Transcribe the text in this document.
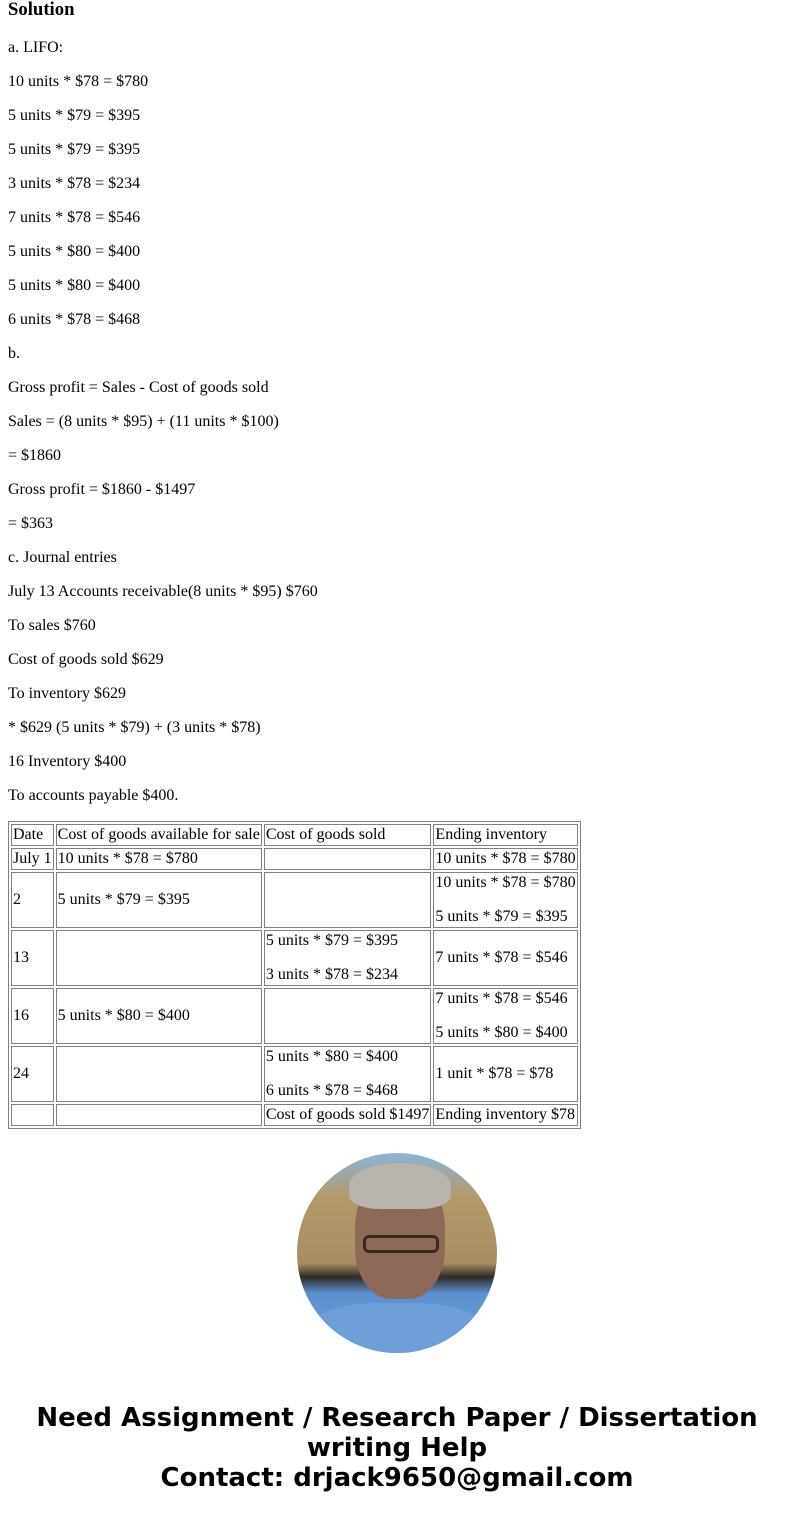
Solution

a. LIFO:

10 units * $78 = $780

5 units * $79 = $395

5 units * $79 = $395

3 units * $78 = $234

7 units * $78 = $546

5 units * $80 = $400

5 units * $80 = $400

6 units * $78 = $468

b.

Gross profit = Sales - Cost of goods sold

Sales = (8 units * $95) + (11 units * $100)

= $1860

Gross profit = $1860 - $1497

= $363

c. Journal entries

July 13 Accounts receivable(8 units * $95) $760

To sales $760

Cost of goods sold $629

To inventory $629

* $629 (5 units * $79) + (3 units * $78)

16 Inventory $400

To accounts payable $400.

Date	Cost of goods available for sale	Cost of goods sold	Ending inventory
July 1	10 units * $78 = $780		10 units * $78 = $780

2	5 units * $79 = $395		10 units * $78 = $780
5 units * $79 = $395

13		5 units * $79 = $395
3 units * $78 = $234	7 units * $78 = $546

16	5 units * $80 = $400		7 units * $78 = $546
5 units * $80 = $400

24		5 units * $80 = $400
6 units * $78 = $468	1 unit * $78 = $78

		Cost of goods sold $1497	Ending inventory $78
Need Assignment / Research Paper / Dissertation
writing Help
Contact: drjack9650@gmail.com
